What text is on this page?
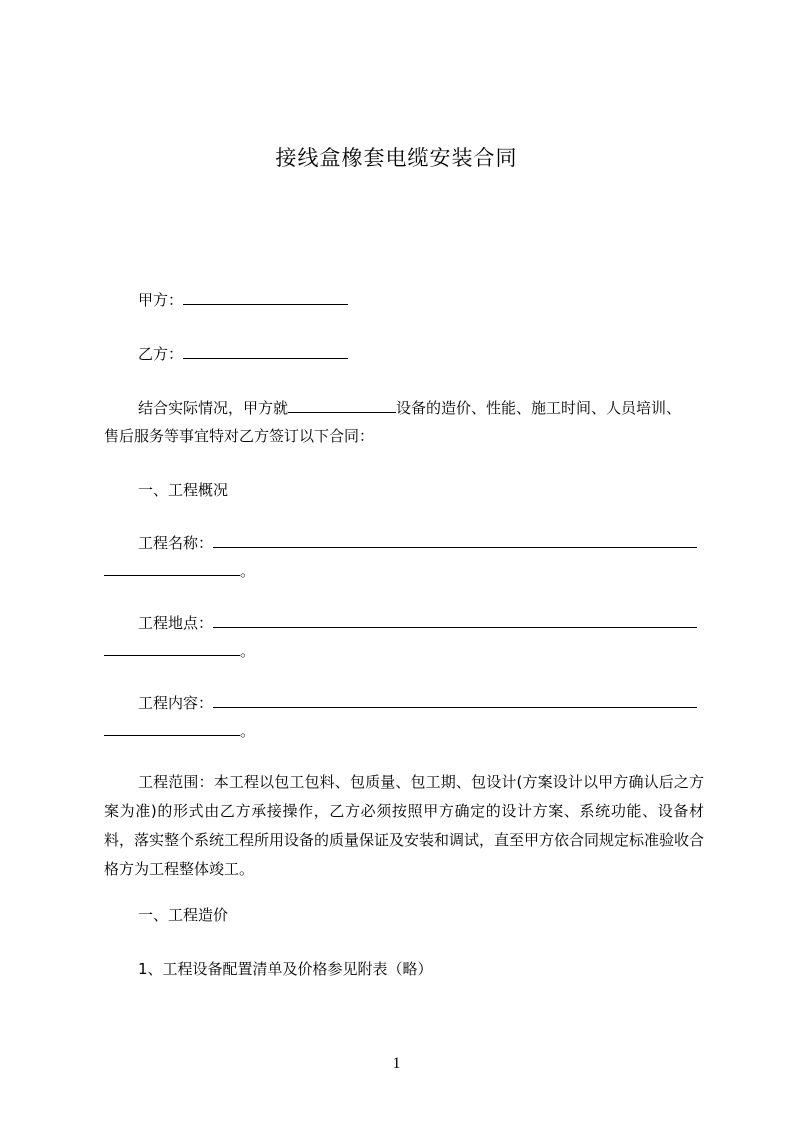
接线盒橡套电缆安装合同
甲方：
乙方：
结合实际情况，甲方就	设备的造价、性能、施工时间、人员培训、
售后服务等事宜特对乙方签订以下合同：
一、工程概况
工程名称：
。
工程地点：
。
工程内容：
。
工程范围：本工程以包工包料、包质量、包工期、包设计(方案设计以甲方确认后之方案为准)的形式由乙方承接操作，乙方必须按照甲方确定的设计方案、系统功能、设备材料，落实整个系统工程所用设备的质量保证及安装和调试，直至甲方依合同规定标准验收合格方为工程整体竣工。
一、工程造价
1、工程设备配置清单及价格参见附表（略）
1
